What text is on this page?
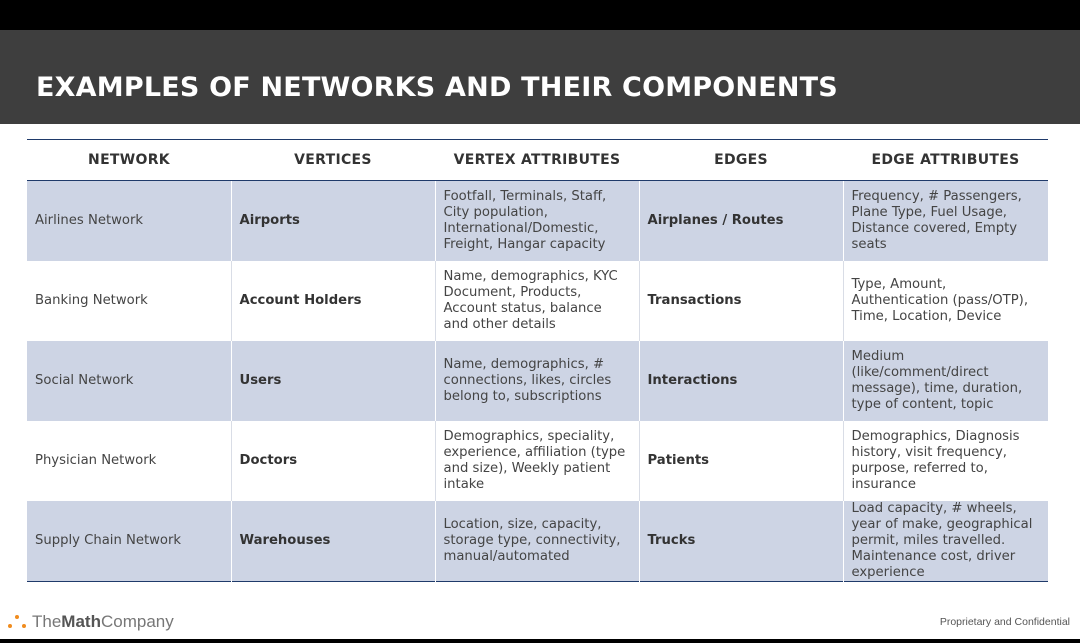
EXAMPLES OF NETWORKS AND THEIR COMPONENTS
NETWORK	VERTICES	VERTEX ATTRIBUTES	EDGES	EDGE ATTRIBUTES
Airlines Network	Airports	Footfall, Terminals, Staff, City population, International/Domestic, Freight, Hangar capacity	Airplanes / Routes	Frequency, # Passengers, Plane Type, Fuel Usage, Distance covered, Empty seats
Banking Network	Account Holders	Name, demographics, KYC Document, Products, Account status, balance and other details	Transactions	Type, Amount, Authentication (pass/OTP), Time, Location, Device
Social Network	Users	Name, demographics, # connections, likes, circles belong to, subscriptions	Interactions	Medium (like/comment/direct message), time, duration, type of content, topic
Physician Network	Doctors	Demographics, speciality, experience, affiliation (type and size), Weekly patient intake	Patients	Demographics, Diagnosis history, visit frequency, purpose, referred to, insurance
Supply Chain Network	Warehouses	Location, size, capacity, storage type, connectivity, manual/automated	Trucks	Load capacity, # wheels, year of make, geographical permit, miles travelled. Maintenance cost, driver experience
TheMathCompany	Proprietary and Confidential
